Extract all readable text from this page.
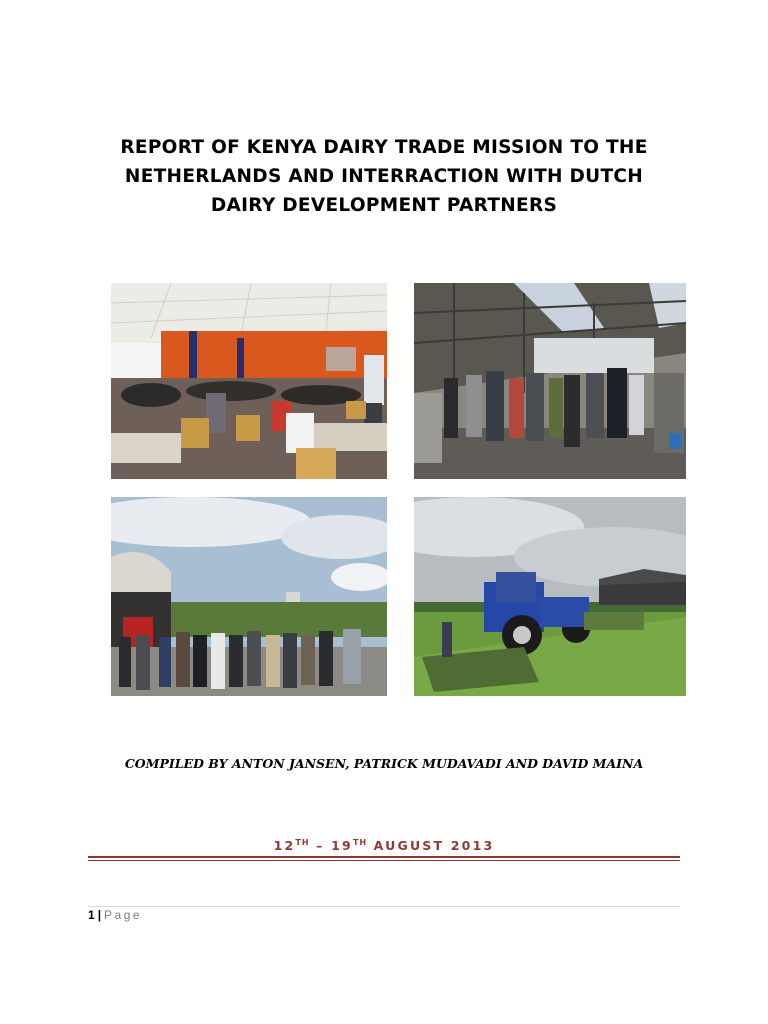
REPORT OF KENYA DAIRY TRADE MISSION TO THE
NETHERLANDS AND INTERRACTION WITH DUTCH
DAIRY DEVELOPMENT PARTNERS
COMPILED BY ANTON JANSEN, PATRICK MUDAVADI AND DAVID MAINA
12TH – 19TH AUGUST 2013
1 | Page
